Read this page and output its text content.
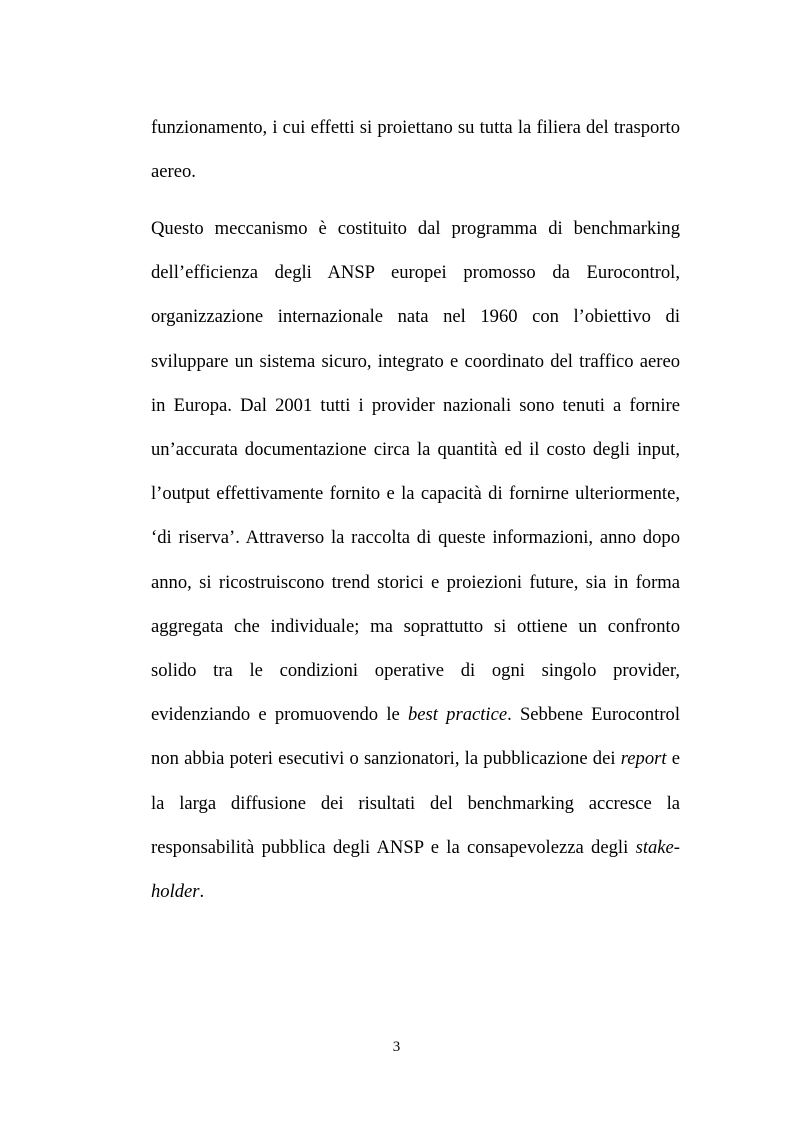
funzionamento, i cui effetti si proiettano su tutta la filiera del trasporto aereo.

Questo meccanismo è costituito dal programma di benchmarking dell’efficienza degli ANSP europei promosso da Eurocontrol, organizzazione internazionale nata nel 1960 con l’obiettivo di sviluppare un sistema sicuro, integrato e coordinato del traffico aereo in Europa. Dal 2001 tutti i provider nazionali sono tenuti a fornire un’accurata documentazione circa la quantità ed il costo degli input, l’output effettivamente fornito e la capacità di fornirne ulteriormente, ‘di riserva’. Attraverso la raccolta di queste informazioni, anno dopo anno, si ricostruiscono trend storici e proiezioni future, sia in forma aggregata che individuale; ma soprattutto si ottiene un confronto solido tra le condizioni operative di ogni singolo provider, evidenziando e promuovendo le best practice. Sebbene Eurocontrol non abbia poteri esecutivi o sanzionatori, la pubblicazione dei report e la larga diffusione dei risultati del benchmarking accresce la responsabilità pubblica degli ANSP e la consapevolezza degli stake-holder.

3
